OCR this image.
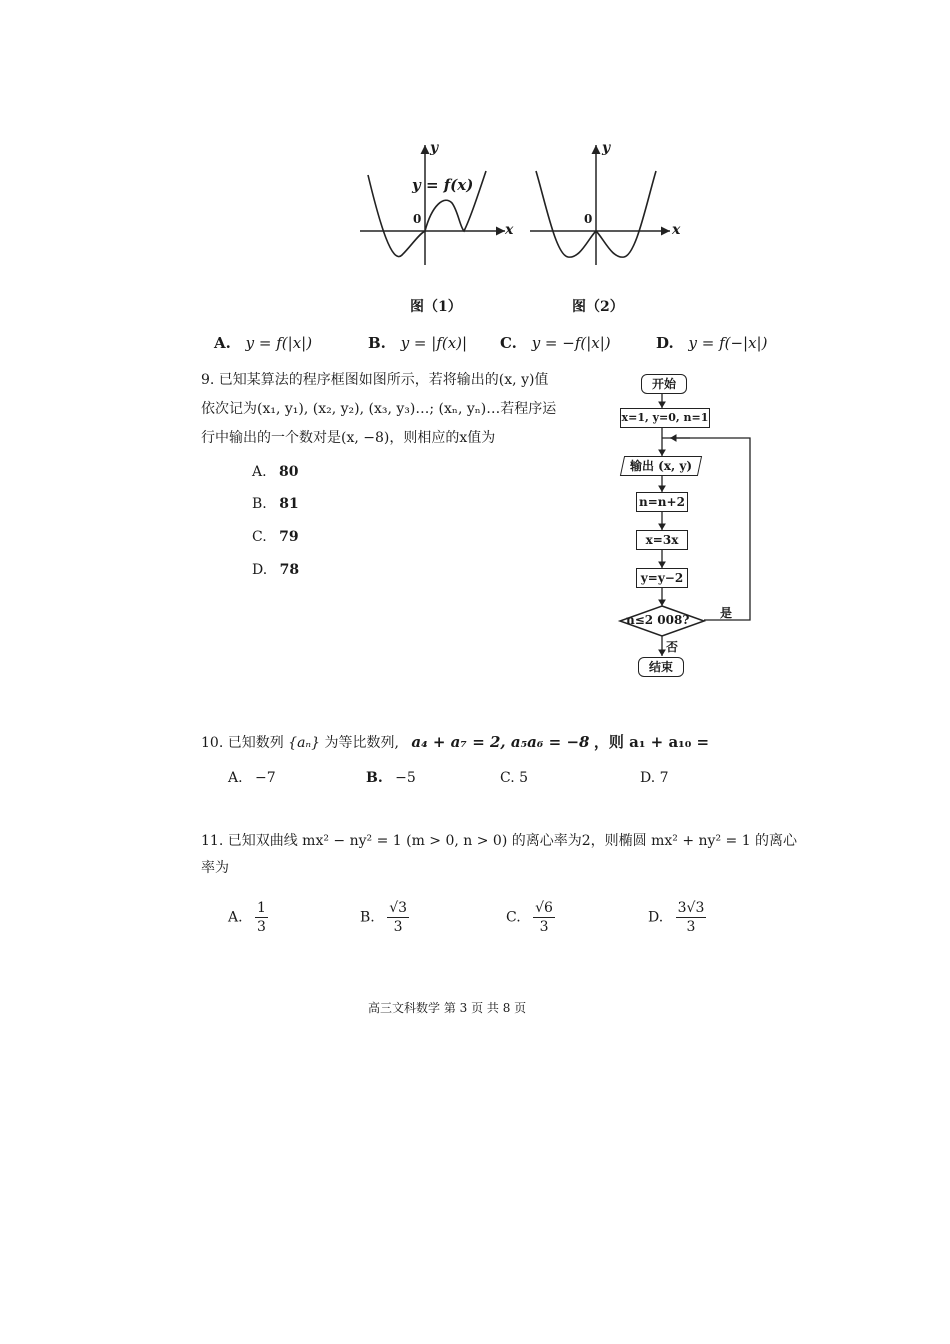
y = f(x)
y
x
0
y
x
0
图（1）	图（2）
A. y = f(|x|)	B. y = |f(x)| C. y = −f(|x|)	D. y = f(−|x|)
9. 已知某算法的程序框图如图所示，若将输出的(x, y)值
依次记为(x₁, y₁), (x₂, y₂), (x₃, y₃)…; (xₙ, yₙ)…若程序运
行中输出的一个数对是(x, −8)，则相应的x值为
A. 80
B. 81
C. 79
D. 78
开始
x=1, y=0, n=1
输出 (x, y)
n=n+2
x=3x
y=y−2
n≤2 008?	是
否
结束
10. 已知数列 {aₙ} 为等比数列, a₄ + a₇ = 2, a₅a₆ = −8 ，则 a₁ + a₁₀ =
A. −7	B. −5	C. 5	D. 7
11. 已知双曲线 mx² − ny² = 1 (m > 0, n > 0) 的离心率为2，则椭圆 mx² + ny² = 1 的离心
率为
A. $\frac{1}{3}$	B. $\frac{√3}{3}$	C. $\frac{√6}{3}$	D. $\frac{3√3}{3}$
高三文科数学 第 3 页 共 8 页
